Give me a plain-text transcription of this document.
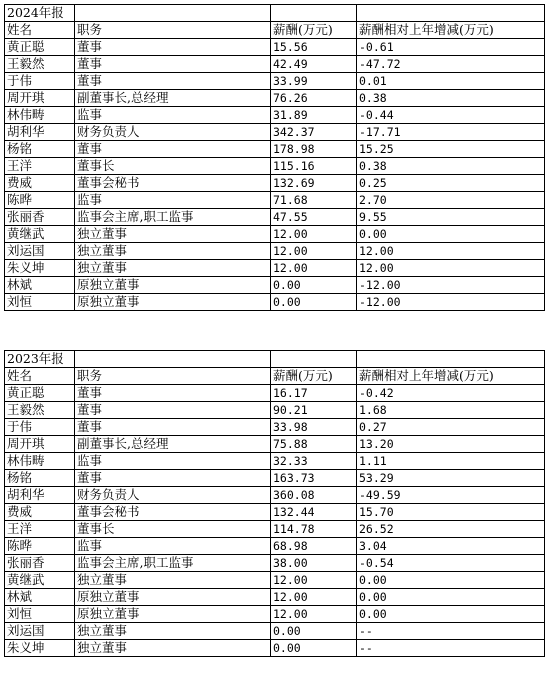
2024年报			
姓名	职务	薪酬(万元)	薪酬相对上年增减(万元)
黄正聪	董事	15.56	-0.61
王毅然	董事	42.49	-47.72
于伟	董事	33.99	0.01
周开琪	副董事长,总经理	76.26	0.38
林伟畴	监事	31.89	-0.44
胡利华	财务负责人	342.37	-17.71
杨铭	董事	178.98	15.25
王洋	董事长	115.16	0.38
费威	董事会秘书	132.69	0.25
陈晔	监事	71.68	2.70
张丽香	监事会主席,职工监事	47.55	9.55
黄继武	独立董事	12.00	0.00
刘运国	独立董事	12.00	12.00
朱义坤	独立董事	12.00	12.00
林斌	原独立董事	0.00	-12.00
刘恒	原独立董事	0.00	-12.00
2023年报			
姓名	职务	薪酬(万元)	薪酬相对上年增减(万元)
黄正聪	董事	16.17	-0.42
王毅然	董事	90.21	1.68
于伟	董事	33.98	0.27
周开琪	副董事长,总经理	75.88	13.20
林伟畴	监事	32.33	1.11
杨铭	董事	163.73	53.29
胡利华	财务负责人	360.08	-49.59
费威	董事会秘书	132.44	15.70
王洋	董事长	114.78	26.52
陈晔	监事	68.98	3.04
张丽香	监事会主席,职工监事	38.00	-0.54
黄继武	独立董事	12.00	0.00
林斌	原独立董事	12.00	0.00
刘恒	原独立董事	12.00	0.00
刘运国	独立董事	0.00	--
朱义坤	独立董事	0.00	--
